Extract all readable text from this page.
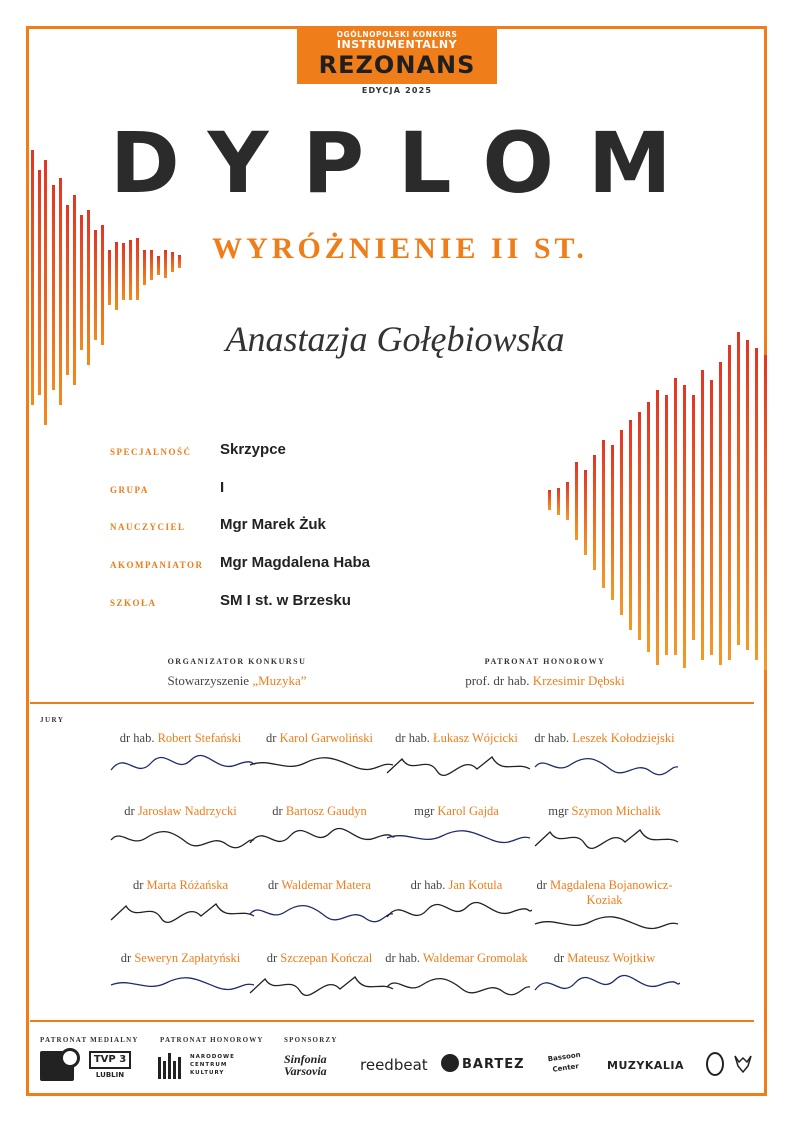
OGÓLNOPOLSKI KONKURS
INSTRUMENTALNY
REZONANS
EDYCJA 2025
DYPLOM
WYRÓŻNIENIE II ST.
Anastazja Gołębiowska
SPECJALNOŚĆ Skrzypce
GRUPA	I
NAUCZYCIEL Mgr Marek Żuk
AKOMPANIATOR Mgr Magdalena Haba
SZKOŁA	SM I st. w Brzesku
ORGANIZATOR KONKURSU
Stowarzyszenie „Muzyka”
PATRONAT HONOROWY
prof. dr hab. Krzesimir Dębski
JURY
dr hab. Robert Stefański	dr Karol Garwoliński	dr hab. Łukasz Wójcicki	dr hab. Leszek Kołodziejski
dr Jarosław Nadrzycki	dr Bartosz Gaudyn	mgr Karol Gajda	mgr Szymon Michalik
dr Marta Różańska	dr Waldemar Matera	dr hab. Jan Kotula	dr Magdalena Bojanowicz-Koziak
dr Seweryn Zapłatyński	dr Szczepan Kończal	dr hab. Waldemar Gromolak	dr Mateusz Wojtkiw
PATRONAT MEDIALNY	PATRONAT HONOROWY	SPONSORZY
TVP 3
LUBLIN
NARODOWE CENTRUM KULTURY
Sinfonia Varsovia	reedbeat	BARTEZ	Bassoon Center	MUZYKALIA
